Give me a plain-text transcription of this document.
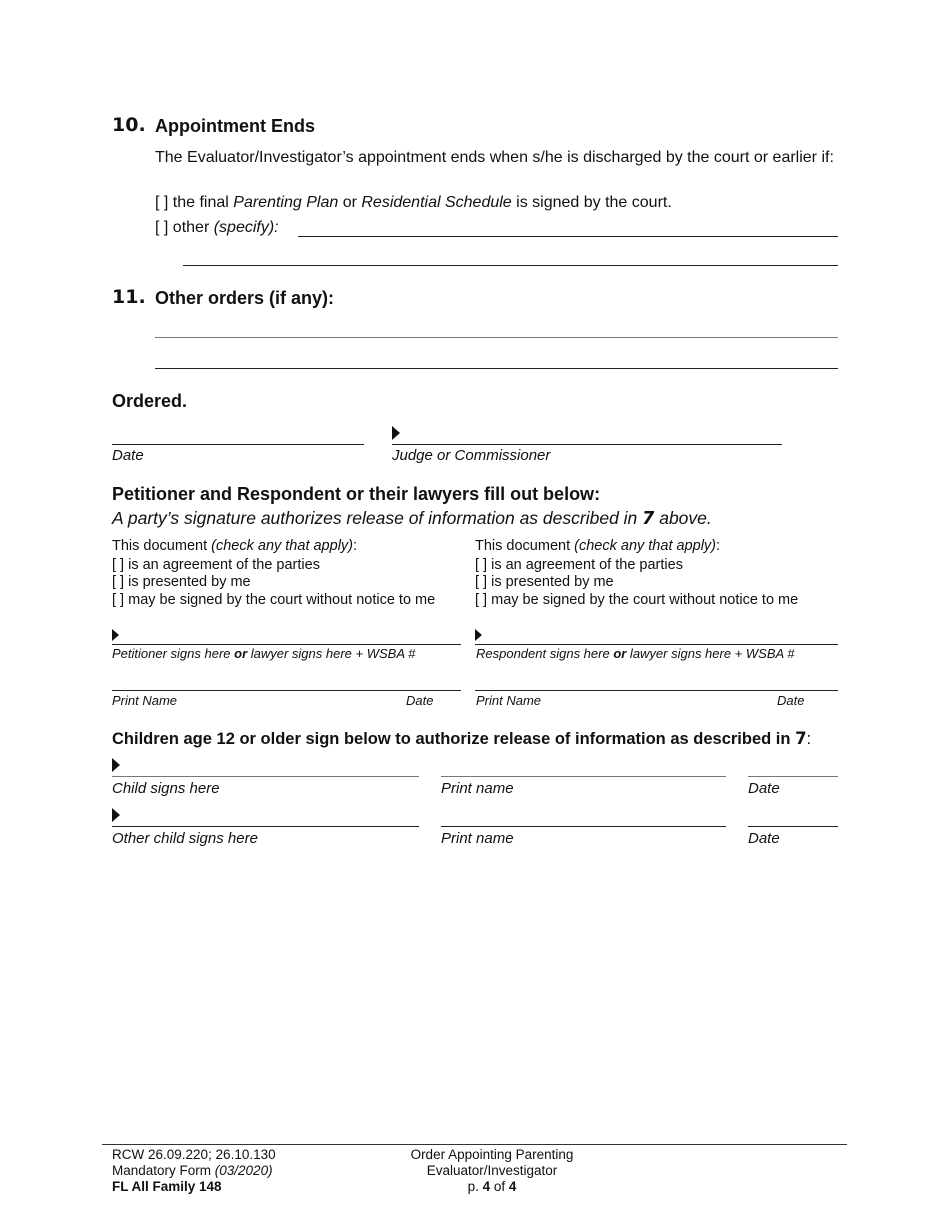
10. Appointment Ends
The Evaluator/Investigator’s appointment ends when s/he is discharged by the court or earlier if:
[ ] the final Parenting Plan or Residential Schedule is signed by the court.
[ ] other (specify):
11. Other orders (if any):
Ordered.
Date	Judge or Commissioner
Petitioner and Respondent or their lawyers fill out below:
A party’s signature authorizes release of information as described in 7 above.
This document (check any that apply):
[ ] is an agreement of the parties
[ ] is presented by me
[ ] may be signed by the court without notice to me
Petitioner signs here or lawyer signs here + WSBA #
Print Name	Date
This document (check any that apply):
[ ] is an agreement of the parties
[ ] is presented by me
[ ] may be signed by the court without notice to me
Respondent signs here or lawyer signs here + WSBA #
Print Name	Date
Children age 12 or older sign below to authorize release of information as described in 7:
Child signs here	Print name	Date
Other child signs here	Print name	Date
RCW 26.09.220; 26.10.130
Mandatory Form (03/2020)
FL All Family 148
Order Appointing Parenting
Evaluator/Investigator
p. 4 of 4
